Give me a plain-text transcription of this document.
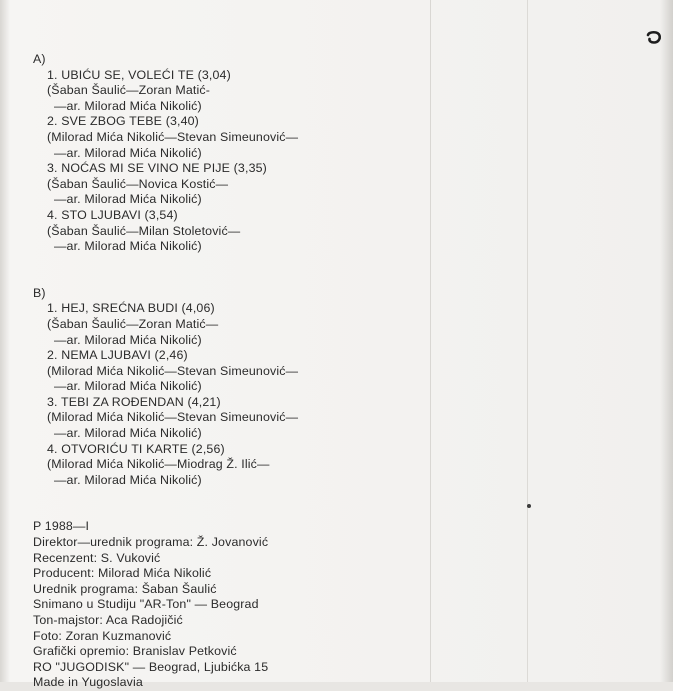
A)
1. UBIĆU SE, VOLEĆI TE (3,04)
(Šaban Šaulić—Zoran Matić-
—ar. Milorad Mića Nikolić)
2. SVE ZBOG TEBE (3,40)
(Milorad Mića Nikolić—Stevan Simeunović—
—ar. Milorad Mića Nikolić)
3. NOĆAS MI SE VINO NE PIJE (3,35)
(Šaban Šaulić—Novica Kostić—
—ar. Milorad Mića Nikolić)
4. STO LJUBAVI (3,54)
(Šaban Šaulić—Milan Stoletović—
—ar. Milorad Mića Nikolić)
B)
1. HEJ, SREĆNA BUDI (4,06)
(Šaban Šaulić—Zoran Matić—
—ar. Milorad Mića Nikolić)
2. NEMA LJUBAVI (2,46)
(Milorad Mića Nikolić—Stevan Simeunović—
—ar. Milorad Mića Nikolić)
3. TEBI ZA ROĐENDAN (4,21)
(Milorad Mića Nikolić—Stevan Simeunović—
—ar. Milorad Mića Nikolić)
4. OTVORIĆU TI KARTE (2,56)
(Milorad Mića Nikolić—Miodrag Ž. Ilić—
—ar. Milorad Mića Nikolić)
P 1988—I
Direktor—urednik programa: Ž. Jovanović
Recenzent: S. Vuković
Producent: Milorad Mića Nikolić
Urednik programa: Šaban Šaulić
Snimano u Studiju "AR-Ton" — Beograd
Ton-majstor: Aca Radojičić
Foto: Zoran Kuzmanović
Grafički opremio: Branislav Petković
RO "JUGODISK" — Beograd, Ljubićka 15
Made in Yugoslavia
